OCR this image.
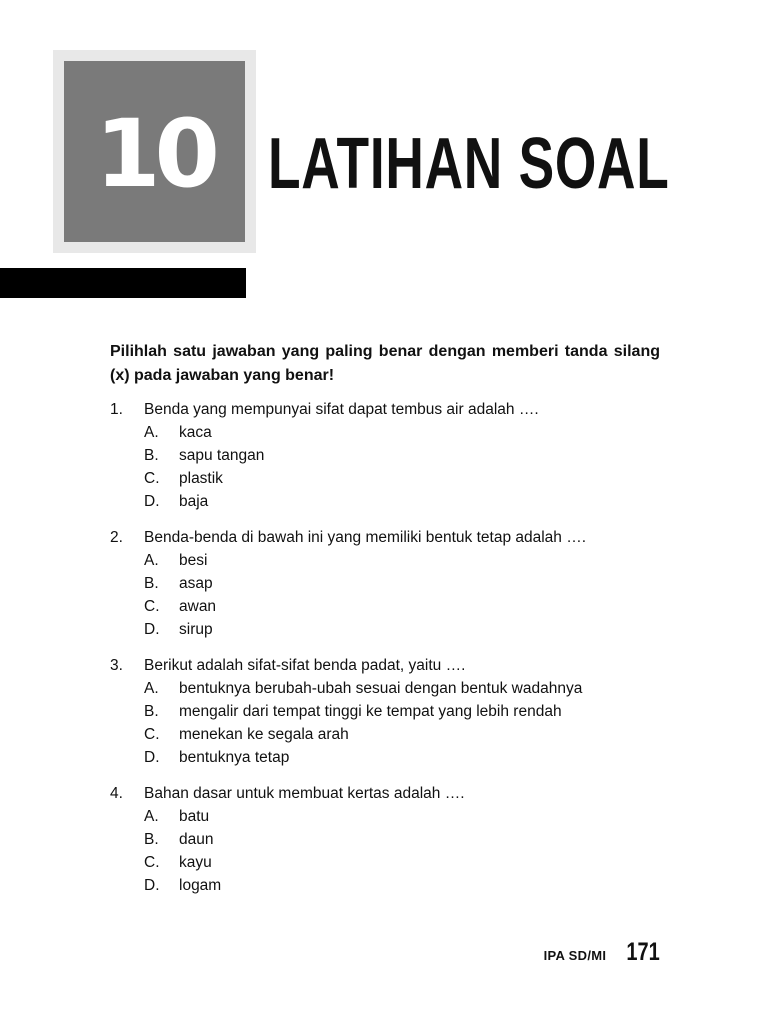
10 LATIHAN SOAL

Pilihlah satu jawaban yang paling benar dengan memberi tanda silang (x) pada jawaban yang benar!

1.	Benda yang mempunyai sifat dapat tembus air adalah ….
A.	kaca
B.	sapu tangan
C.	plastik
D.	baja
2.	Benda-benda di bawah ini yang memiliki bentuk tetap adalah ….
A.	besi
B.	asap
C.	awan
D.	sirup
3.	Berikut adalah sifat-sifat benda padat, yaitu ….
A.	bentuknya berubah-ubah sesuai dengan bentuk wadahnya
B.	mengalir dari tempat tinggi ke tempat yang lebih rendah
C.	menekan ke segala arah
D.	bentuknya tetap
4.	Bahan dasar untuk membuat kertas adalah ….
A.	batu
B.	daun
C.	kayu
D.	logam
IPA SD/MI 171
